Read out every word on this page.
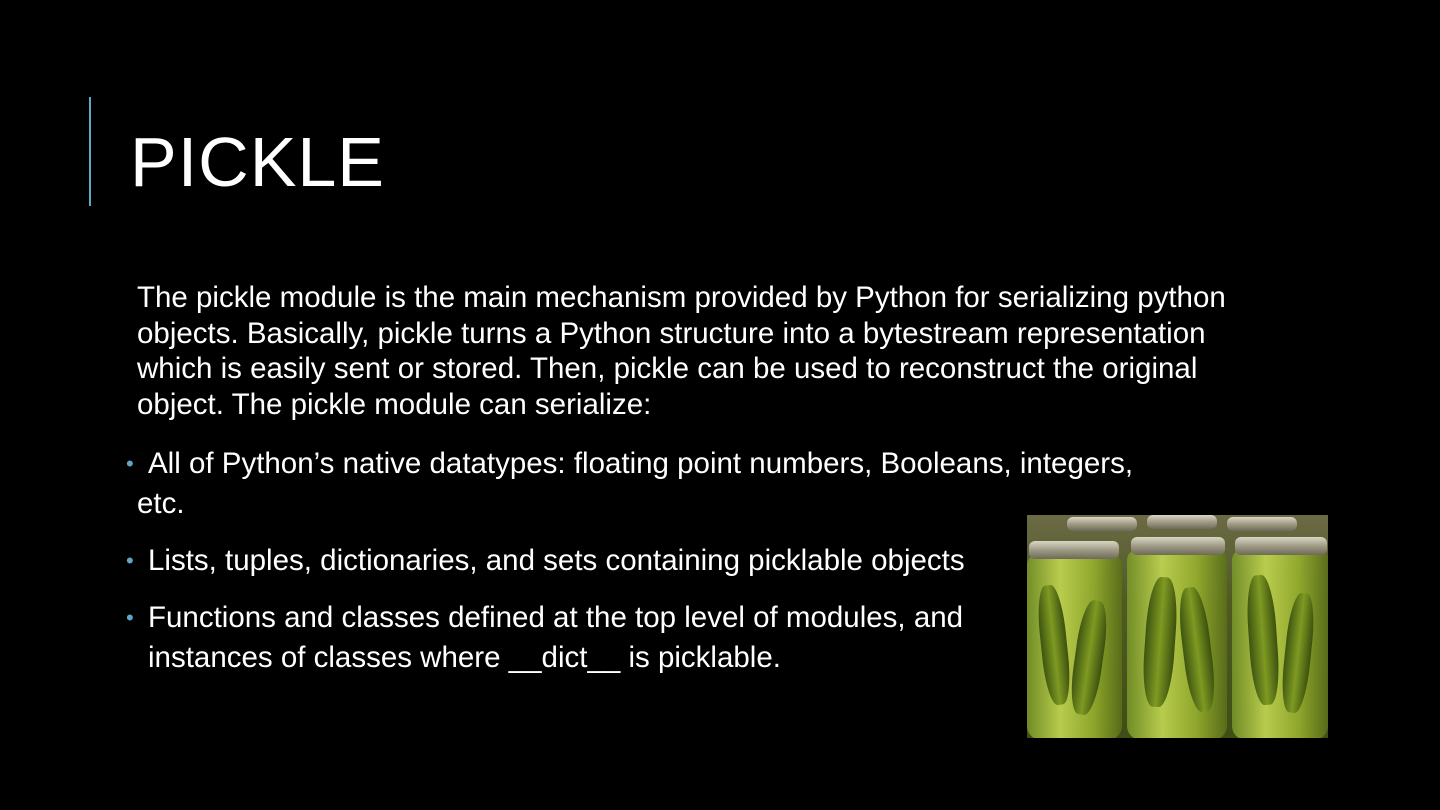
PICKLE
The pickle module is the main mechanism provided by Python for serializing python objects. Basically, pickle turns a Python structure into a bytestream representation which is easily sent or stored. Then, pickle can be used to reconstruct the original object. The pickle module can serialize:
• All of Python’s native datatypes: floating point numbers, Booleans, integers,
etc.
• Lists, tuples, dictionaries, and sets containing picklable objects
• Functions and classes defined at the top level of modules, and
instances of classes where __dict__ is picklable.
